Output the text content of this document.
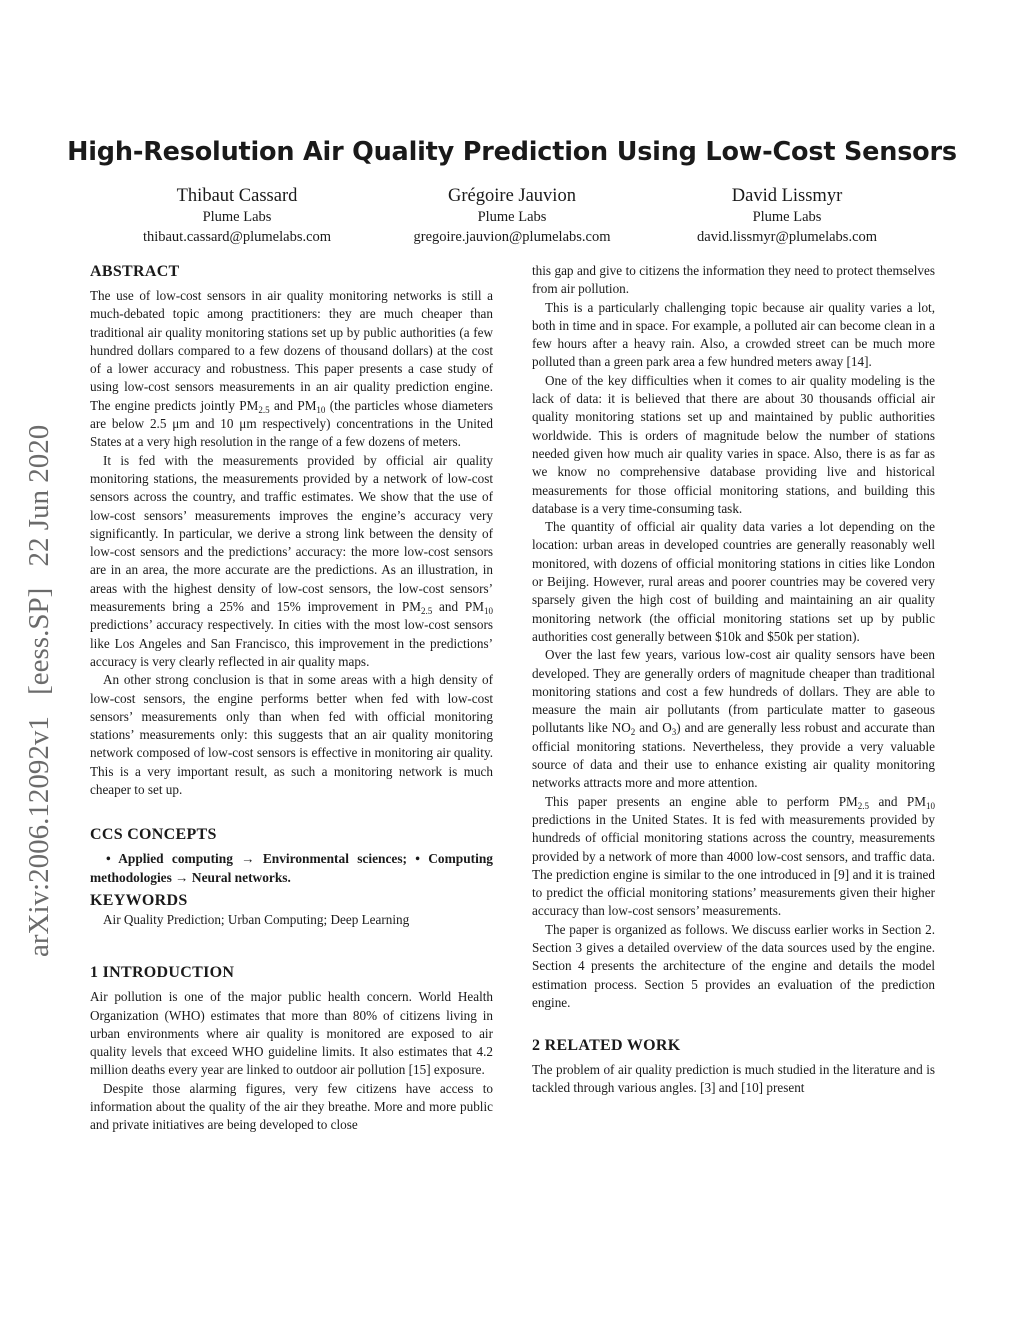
High-Resolution Air Quality Prediction Using Low-Cost Sensors
Thibaut Cassard
Plume Labs
thibaut.cassard@plumelabs.com
Grégoire Jauvion
Plume Labs
gregoire.jauvion@plumelabs.com
David Lissmyr
Plume Labs
david.lissmyr@plumelabs.com
arXiv:2006.12092v1 [eess.SP] 22 Jun 2020
ABSTRACT

The use of low-cost sensors in air quality monitoring networks is still a much-debated topic among practitioners: they are much cheaper than traditional air quality monitoring stations set up by public authorities (a few hundred dollars compared to a few dozens of thousand dollars) at the cost of a lower accuracy and robustness. This paper presents a case study of using low-cost sensors measurements in an air quality prediction engine. The engine predicts jointly $PM_{2.5}$ and $PM_{10}$ (the particles whose diameters are below 2.5 μm and 10 μm respectively) concentrations in the United States at a very high resolution in the range of a few dozens of meters.

It is fed with the measurements provided by official air quality monitoring stations, the measurements provided by a network of low-cost sensors across the country, and traffic estimates. We show that the use of low-cost sensors’ measurements improves the engine’s accuracy very significantly. In particular, we derive a strong link between the density of low-cost sensors and the predictions’ accuracy: the more low-cost sensors are in an area, the more accurate are the predictions. As an illustration, in areas with the highest density of low-cost sensors, the low-cost sensors’ measurements bring a 25% and 15% improvement in $PM_{2.5}$ and $PM_{10}$ predictions’ accuracy respectively. In cities with the most low-cost sensors like Los Angeles and San Francisco, this improvement in the predictions’ accuracy is very clearly reflected in air quality maps.

An other strong conclusion is that in some areas with a high density of low-cost sensors, the engine performs better when fed with low-cost sensors’ measurements only than when fed with official monitoring stations’ measurements only: this suggests that an air quality monitoring network composed of low-cost sensors is effective in monitoring air quality. This is a very important result, as such a monitoring network is much cheaper to set up.

CCS CONCEPTS
• Applied computing → Environmental sciences; • Computing methodologies → Neural networks.
KEYWORDS

Air Quality Prediction; Urban Computing; Deep Learning

1 INTRODUCTION

Air pollution is one of the major public health concern. World Health Organization (WHO) estimates that more than 80% of citizens living in urban environments where air quality is monitored are exposed to air quality levels that exceed WHO guideline limits. It also estimates that 4.2 million deaths every year are linked to outdoor air pollution [15] exposure.

Despite those alarming figures, very few citizens have access to information about the quality of the air they breathe. More and more public and private initiatives are being developed to close

this gap and give to citizens the information they need to protect themselves from air pollution.

This is a particularly challenging topic because air quality varies a lot, both in time and in space. For example, a polluted air can become clean in a few hours after a heavy rain. Also, a crowded street can be much more polluted than a green park area a few hundred meters away [14].

One of the key difficulties when it comes to air quality modeling is the lack of data: it is believed that there are about 30 thousands official air quality monitoring stations set up and maintained by public authorities worldwide. This is orders of magnitude below the number of stations needed given how much air quality varies in space. Also, there is as far as we know no comprehensive database providing live and historical measurements for those official monitoring stations, and building this database is a very time-consuming task.

The quantity of official air quality data varies a lot depending on the location: urban areas in developed countries are generally reasonably well monitored, with dozens of official monitoring stations in cities like London or Beijing. However, rural areas and poorer countries may be covered very sparsely given the high cost of building and maintaining an air quality monitoring network (the official monitoring stations set up by public authorities cost generally between $10k and $50k per station).

Over the last few years, various low-cost air quality sensors have been developed. They are generally orders of magnitude cheaper than traditional monitoring stations and cost a few hundreds of dollars. They are able to measure the main air pollutants (from particulate matter to gaseous pollutants like $NO_2$ and $O_3$) and are generally less robust and accurate than official monitoring stations. Nevertheless, they provide a very valuable source of data and their use to enhance existing air quality monitoring networks attracts more and more attention.

This paper presents an engine able to perform $PM_{2.5}$ and $PM_{10}$ predictions in the United States. It is fed with measurements provided by hundreds of official monitoring stations across the country, measurements provided by a network of more than 4000 low-cost sensors, and traffic data. The prediction engine is similar to the one introduced in [9] and it is trained to predict the official monitoring stations’ measurements given their higher accuracy than low-cost sensors’ measurements.

The paper is organized as follows. We discuss earlier works in Section 2. Section 3 gives a detailed overview of the data sources used by the engine. Section 4 presents the architecture of the engine and details the model estimation process. Section 5 provides an evaluation of the prediction engine.

2 RELATED WORK

The problem of air quality prediction is much studied in the literature and is tackled through various angles. [3] and [10] present
